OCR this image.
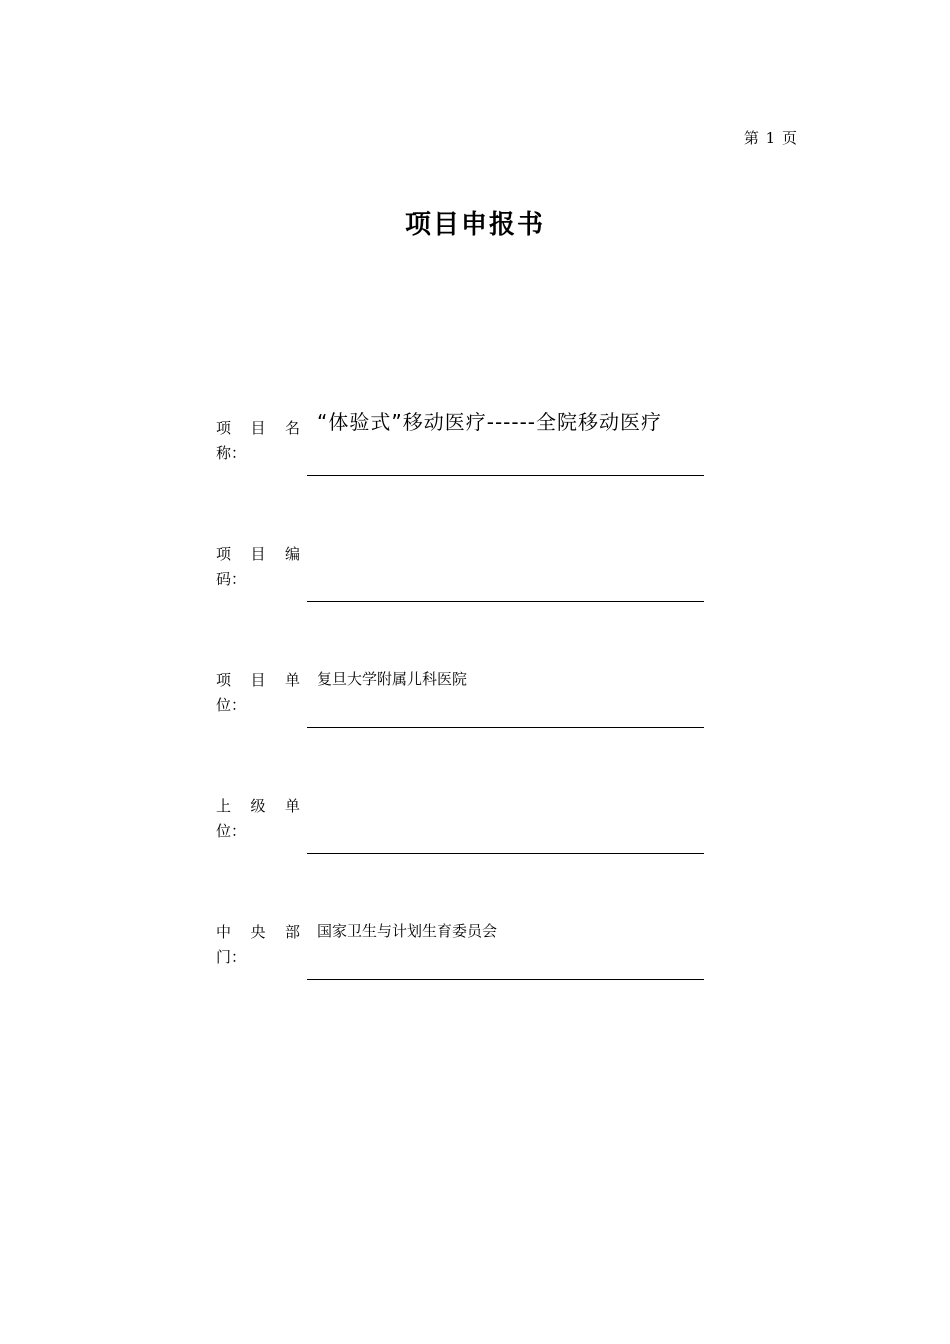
第 1 页
项目申报书
项 目 名
称：
“体验式”移动医疗------全院移动医疗
项 目 编
码：
项 目 单
位：
复旦大学附属儿科医院
上 级 单
位：
中 央 部
门：
国家卫生与计划生育委员会
